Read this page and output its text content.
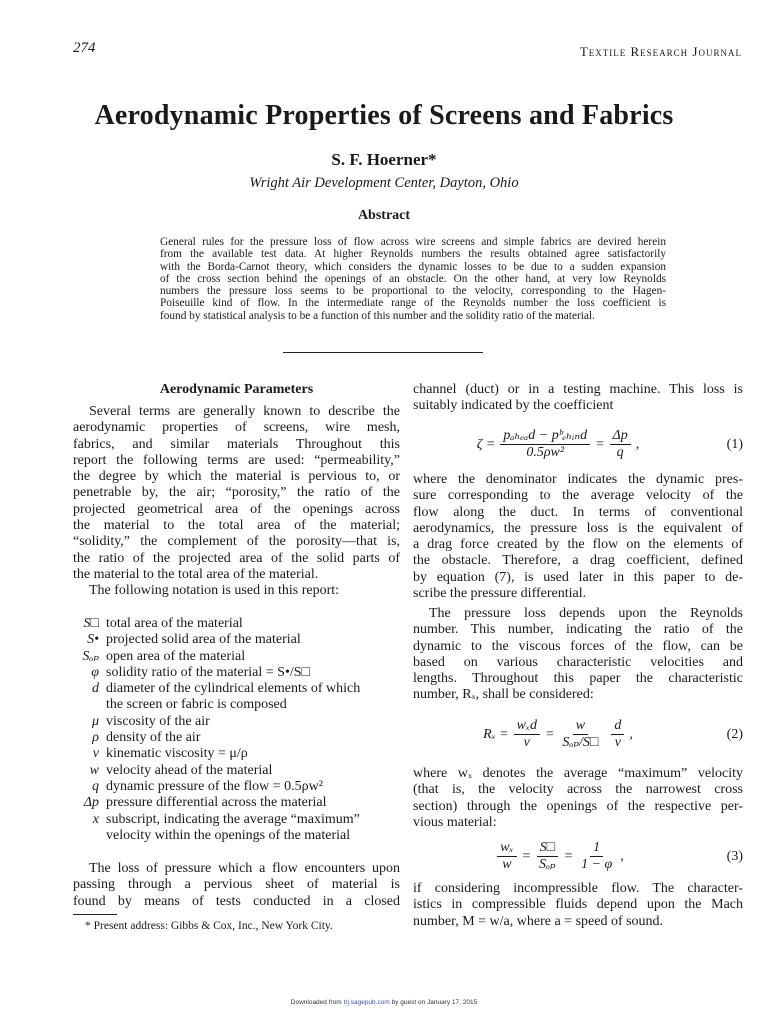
274	Textile Research Journal
Aerodynamic Properties of Screens and Fabrics
S. F. Hoerner*
Wright Air Development Center, Dayton, Ohio
Abstract
General rules for the pressure loss of flow across wire screens and simple fabrics are devired herein
from the available test data. At higher Reynolds numbers the results obtained agree satisfactorily
with the Borda-Carnot theory, which considers the dynamic losses to be due to a sudden expansion
of the cross section behind the openings of an obstacle. On the other hand, at very low Reynolds
numbers the pressure loss seems to be proportional to the velocity, corresponding to the Hagen-
Poiseuille kind of flow. In the intermediate range of the Reynolds number the loss coefficient is
found by statistical analysis to be a function of this number and the solidity ratio of the material.
Aerodynamic Parameters
Several terms are generally known to describe the
aerodynamic properties of screens, wire mesh,
fabrics, and similar materials Throughout this
report the following terms are used: “permeability,”
the degree by which the material is pervious to, or
penetrable by, the air; “porosity,” the ratio of the
projected geometrical area of the openings across
the material to the total area of the material;
“solidity,” the complement of the porosity—that is,
the ratio of the projected area of the solid parts of
the material to the total area of the material.
The following notation is used in this report:
S□ total area of the material
S• projected solid area of the material
Sₒₚ open area of the material
φ solidity ratio of the material = S•/S□
d diameter of the cylindrical elements of which
the screen or fabric is composed
μ viscosity of the air
ρ density of the air
ν kinematic viscosity = μ/ρ
w velocity ahead of the material
q dynamic pressure of the flow = 0.5ρw²
Δp pressure differential across the material
x subscript, indicating the average “maximum”
velocity within the openings of the material
The loss of pressure which a flow encounters upon
passing through a pervious sheet of material is
found by means of tests conducted in a closed
* Present address: Gibbs & Cox, Inc., New York City.
channel (duct) or in a testing machine. This loss is
suitably indicated by the coefficient
$\zeta = \frac{\text{pₐₕₑₐd − pᵇₑₕᵢₙd}}{\text{0.5ρw²}} = \frac{\Delta p}{q}$ ,	(1)
where the denominator indicates the dynamic pres-
sure corresponding to the average velocity of the
flow along the duct. In terms of conventional
aerodynamics, the pressure loss is the equivalent of
a drag force created by the flow on the elements of
the obstacle. Therefore, a drag coefficient, defined
by equation (7), is used later in this paper to de-
scribe the pressure differential.
The pressure loss depends upon the Reynolds
number. This number, indicating the ratio of the
dynamic to the viscous forces of the flow, can be
based on various characteristic velocities and
lengths. Throughout this paper the characteristic
number, Rₓ, shall be considered:
$R_x = \frac{\text{wₓd}}{\nu} = \frac{w}{\text{Sₒₚ/S□}} \frac{d}{\nu}$ ,	(2)
where wₓ denotes the average “maximum” velocity
(that is, the velocity across the narrowest cross
section) through the openings of the respective per-
vious material:
$\frac{\text{wₓ}}{w} = \frac{S□}{\text{Sₒₚ}} = \frac{1}{1 - \varphi}$ ,	(3)
if considering incompressible flow. The character-
istics in compressible fluids depend upon the Mach
number, M = w/a, where a = speed of sound.
Downloaded from trj.sagepub.com by guest on January 17, 2015
